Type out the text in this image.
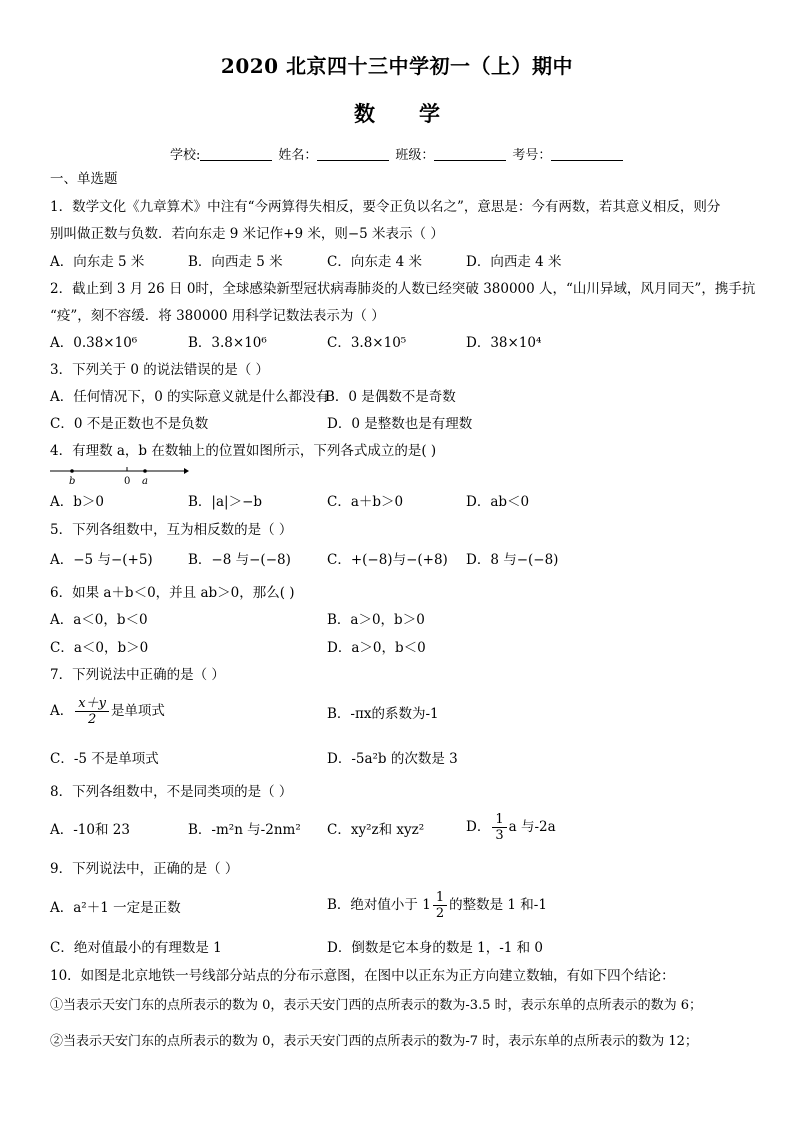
2020 北京四十三中学初一（上）期中
数学
学校:	姓名：	班级：	考号：
一、单选题
1．数学文化《九章算术》中注有“今两算得失相反，要令正负以名之”，意思是：今有两数，若其意义相反，则分
别叫做正数与负数．若向东走 9 米记作+9 米，则−5 米表示（ ）
A．向东走 5 米	B．向西走 5 米	C．向东走 4 米	D．向西走 4 米
2．截止到 3 月 26 日 0时，全球感染新型冠状病毒肺炎的人数已经突破 380000 人，“山川异域，风月同天”，携手抗
“疫”，刻不容缓．将 380000 用科学记数法表示为（ ）
A．0.38×10⁶	B．3.8×10⁶	C．3.8×10⁵	D．38×10⁴
3．下列关于 0 的说法错误的是（ ）
A．任何情况下，0 的实际意义就是什么都没有
B．0 是偶数不是奇数
C．0 不是正数也不是负数	D．0 是整数也是有理数
4．有理数 a，b 在数轴上的位置如图所示，下列各式成立的是( )
b	0 a
A．b＞0	B．|a|＞−b	C．a＋b＞0	D．ab＜0
5．下列各组数中，互为相反数的是（ ）
A．−5 与−(+5)	B．−8 与−(−8)	C．+(−8)与−(+8) D．8 与−(−8)
6．如果 a＋b＜0，并且 ab＞0，那么( )
A．a＜0，b＜0	B．a＞0，b＞0
C．a＜0，b＞0	D．a＞0，b＜0
7．下列说法中正确的是（ ）
A． $\frac{x+y}{2}$ 是单项式	B．-πx的系数为-1
C．-5 不是单项式	D．-5a²b 的次数是 3
8．下列各组数中，不是同类项的是（ ）
A．-10和 23	B．-m²n 与-2nm² C．xy²z和 xyz²	D． $\frac{1}{3}$ a 与-2a
9．下列说法中，正确的是（ ）
A．a²＋1 一定是正数	B．绝对值小于 $1 \frac{1}{2}$ 的整数是 1 和-1
C．绝对值最小的有理数是 1	D．倒数是它本身的数是 1，-1 和 0
10．如图是北京地铁一号线部分站点的分布示意图，在图中以正东为正方向建立数轴，有如下四个结论：
①当表示天安门东的点所表示的数为 0，表示天安门西的点所表示的数为-3.5 时，表示东单的点所表示的数为 6；
②当表示天安门东的点所表示的数为 0，表示天安门西的点所表示的数为-7 时，表示东单的点所表示的数为 12；
